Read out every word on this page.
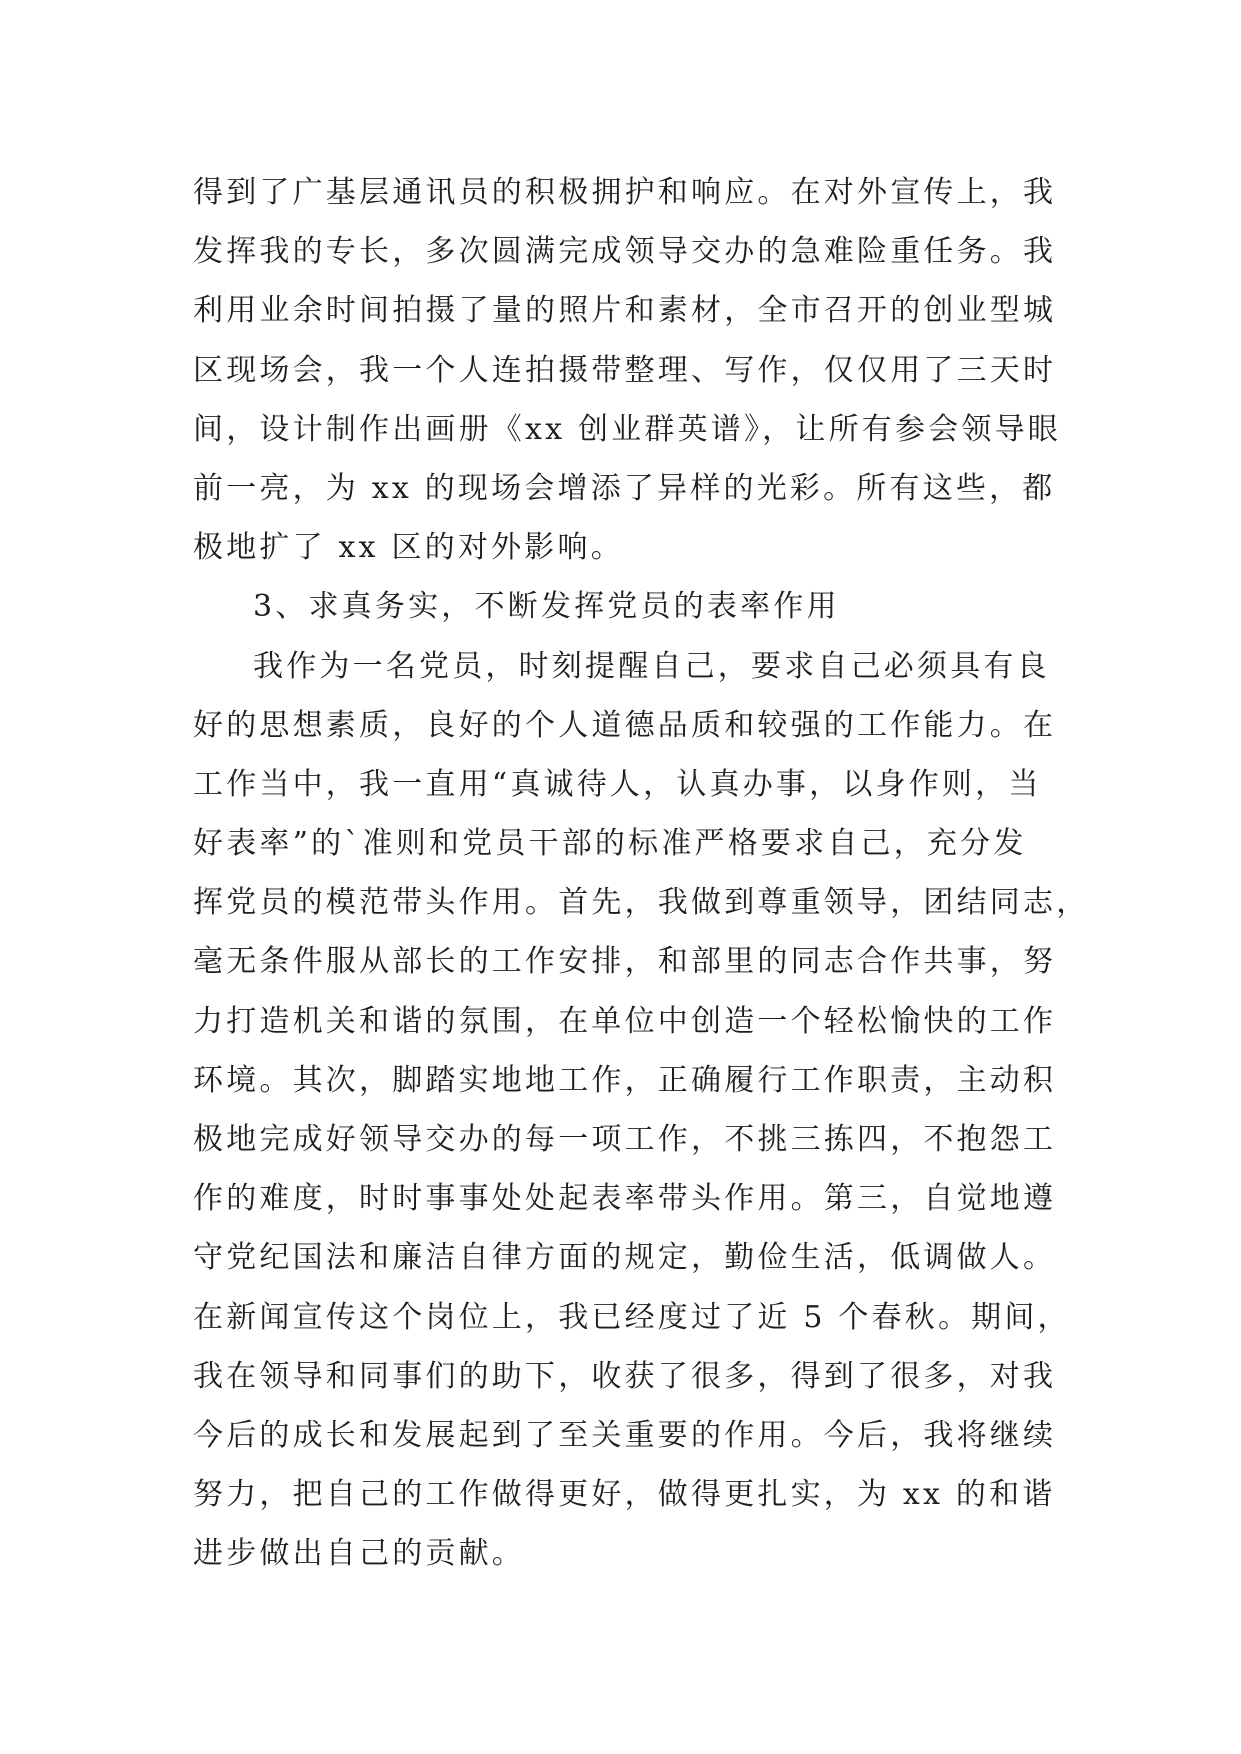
得到了广基层通讯员的积极拥护和响应。在对外宣传上，我
发挥我的专长，多次圆满完成领导交办的急难险重任务。我
利用业余时间拍摄了量的照片和素材，全市召开的创业型城
区现场会，我一个人连拍摄带整理、写作，仅仅用了三天时
间，设计制作出画册《xx 创业群英谱》，让所有参会领导眼
前一亮，为 xx 的现场会增添了异样的光彩。所有这些，都
极地扩了 xx 区的对外影响。
3、求真务实，不断发挥党员的表率作用
我作为一名党员，时刻提醒自己，要求自己必须具有良
好的思想素质，良好的个人道德品质和较强的工作能力。在
工作当中，我一直用“真诚待人，认真办事，以身作则，当
好表率”的`准则和党员干部的标准严格要求自己，充分发
挥党员的模范带头作用。首先，我做到尊重领导，团结同志，
毫无条件服从部长的工作安排，和部里的同志合作共事，努
力打造机关和谐的氛围，在单位中创造一个轻松愉快的工作
环境。其次，脚踏实地地工作，正确履行工作职责，主动积
极地完成好领导交办的每一项工作，不挑三拣四，不抱怨工
作的难度，时时事事处处起表率带头作用。第三，自觉地遵
守党纪国法和廉洁自律方面的规定，勤俭生活，低调做人。
在新闻宣传这个岗位上，我已经度过了近 5 个春秋。期间，
我在领导和同事们的助下，收获了很多，得到了很多，对我
今后的成长和发展起到了至关重要的作用。今后，我将继续
努力，把自己的工作做得更好，做得更扎实，为 xx 的和谐
进步做出自己的贡献。
